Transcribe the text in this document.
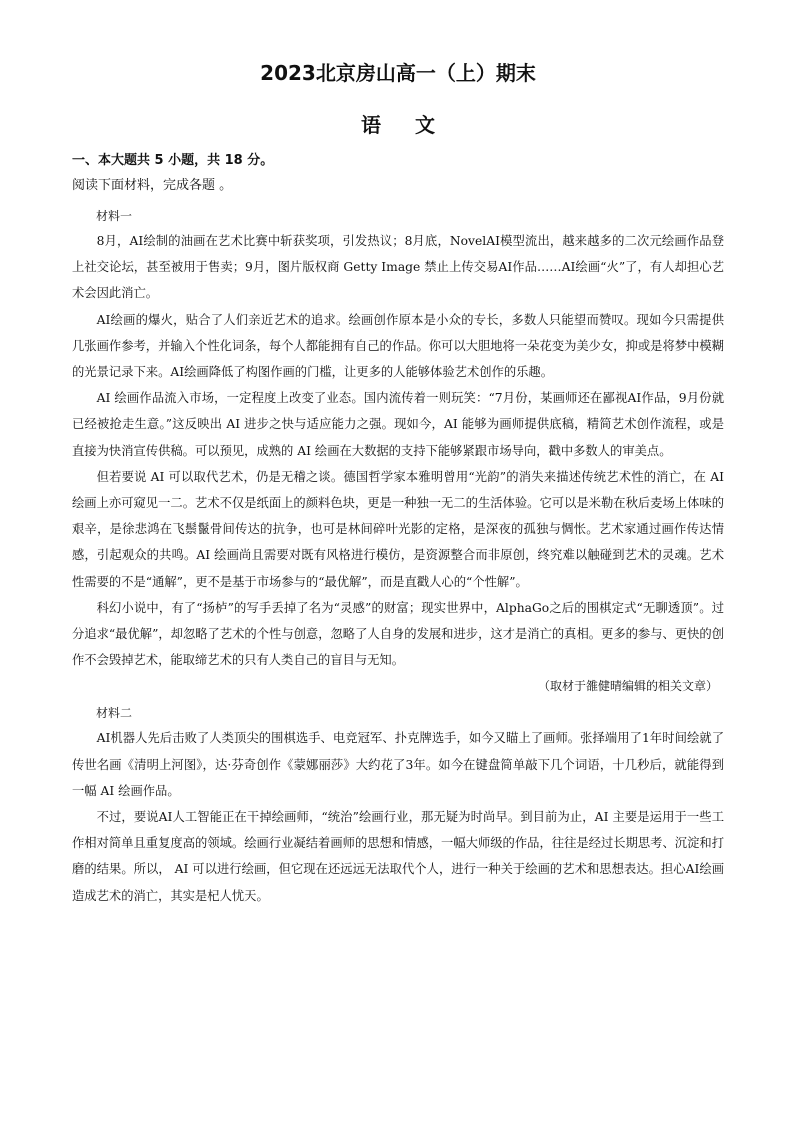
2023北京房山高一（上）期末
语文
一、本大题共 5 小题，共 18 分。
阅读下面材料，完成各题 。
材料一

8月，AI绘制的油画在艺术比赛中斩获奖项，引发热议；8月底，NovelAI模型流出，越来越多的二次元绘画作品登上社交论坛，甚至被用于售卖；9月，图片版权商 Getty Image 禁止上传交易AI作品……AI绘画“火”了，有人却担心艺术会因此消亡。

AI绘画的爆火，贴合了人们亲近艺术的追求。绘画创作原本是小众的专长，多数人只能望而赞叹。现如今只需提供几张画作参考，并输入个性化词条，每个人都能拥有自己的作品。你可以大胆地将一朵花变为美少女，抑或是将梦中模糊的光景记录下来。AI绘画降低了构图作画的门槛，让更多的人能够体验艺术创作的乐趣。

AI 绘画作品流入市场，一定程度上改变了业态。国内流传着一则玩笑：“7月份，某画师还在鄙视AI作品，9月份就已经被抢走生意。”这反映出 AI 进步之快与适应能力之强。现如今，AI 能够为画师提供底稿，精简艺术创作流程，或是直接为快消宣传供稿。可以预见，成熟的 AI 绘画在大数据的支持下能够紧跟市场导向，戳中多数人的审美点。

但若要说 AI 可以取代艺术，仍是无稽之谈。德国哲学家本雅明曾用“光韵”的消失来描述传统艺术性的消亡，在 AI 绘画上亦可窥见一二。艺术不仅是纸面上的颜料色块，更是一种独一无二的生活体验。它可以是米勒在秋后麦场上体味的艰辛，是徐悲鸿在飞鬃鬣骨间传达的抗争，也可是林间碎叶光影的定格，是深夜的孤独与惆怅。艺术家通过画作传达情感，引起观众的共鸣。AI 绘画尚且需要对既有风格进行模仿，是资源整合而非原创，终究难以触碰到艺术的灵魂。艺术性需要的不是“通解”，更不是基于市场参与的“最优解”，而是直戳人心的“个性解”。

科幻小说中，有了“扬栌”的写手丢掉了名为“灵感”的财富；现实世界中，AlphaGo之后的围棋定式“无聊透顶”。过分追求“最优解”，却忽略了艺术的个性与创意，忽略了人自身的发展和进步，这才是消亡的真相。更多的参与、更快的创作不会毁掉艺术，能取缔艺术的只有人类自己的盲目与无知。

（取材于雒健晴编辑的相关文章）
材料二

AI机器人先后击败了人类顶尖的围棋选手、电竞冠军、扑克牌选手，如今又瞄上了画师。张择端用了1年时间绘就了传世名画《清明上河图》，达·芬奇创作《蒙娜丽莎》大约花了3年。如今在键盘简单敲下几个词语，十几秒后，就能得到一幅 AI 绘画作品。

不过，要说AI人工智能正在干掉绘画师，“统治”绘画行业，那无疑为时尚早。到目前为止，AI 主要是运用于一些工作相对简单且重复度高的领域。绘画行业凝结着画师的思想和情感，一幅大师级的作品，往往是经过长期思考、沉淀和打磨的结果。所以， AI 可以进行绘画，但它现在还远远无法取代个人，进行一种关于绘画的艺术和思想表达。担心AI绘画造成艺术的消亡，其实是杞人忧天。
